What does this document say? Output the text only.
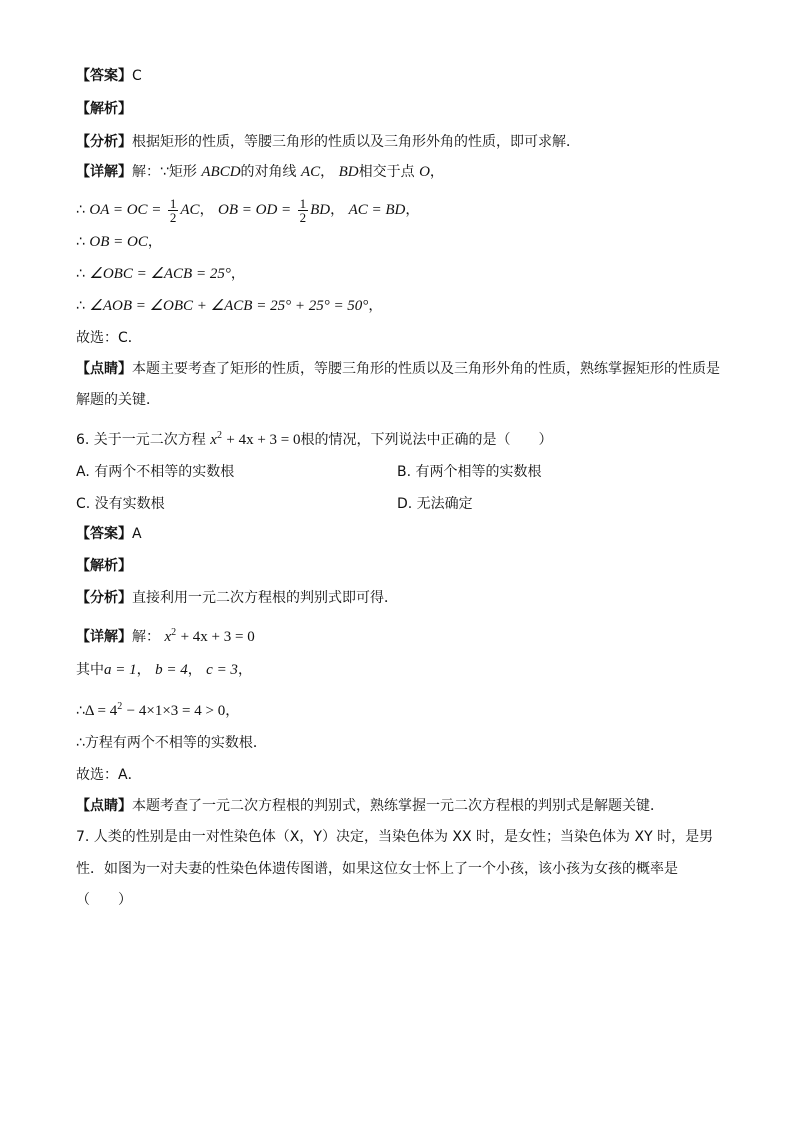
【答案】C
【解析】
【分析】根据矩形的性质，等腰三角形的性质以及三角形外角的性质，即可求解．
【详解】解：∵矩形 ABCD的对角线 AC， BD相交于点 O，
∴ OA = OC = $\frac{1}{2}$ AC， OB = OD = $\frac{1}{2}$ BD， AC = BD，
∴ OB = OC，
∴ ∠OBC = ∠ACB = 25°，
∴ ∠AOB = ∠OBC + ∠ACB = 25° + 25° = 50°，
故选：C．
【点睛】本题主要考查了矩形的性质，等腰三角形的性质以及三角形外角的性质，熟练掌握矩形的性质是
解题的关键．
6. 关于一元二次方程 $x^2 + 4x + 3 = 0$根的情况，下列说法中正确的是（　　）
A. 有两个不相等的实数根	B. 有两个相等的实数根
C. 没有实数根	D. 无法确定
【答案】A
【解析】
【分析】直接利用一元二次方程根的判别式即可得．
【详解】解： $x^2 + 4x + 3 = 0$
其中a = 1， b = 4， c = 3，
∴Δ = $4^2 - 4\times 1\times 3 = 4 > 0$，
∴方程有两个不相等的实数根．
故选：A．
【点睛】本题考查了一元二次方程根的判别式，熟练掌握一元二次方程根的判别式是解题关键．
7. 人类的性别是由一对性染色体（X，Y）决定，当染色体为 XX 时，是女性；当染色体为 XY 时，是男
性．如图为一对夫妻的性染色体遗传图谱，如果这位女士怀上了一个小孩，该小孩为女孩的概率是
（　　）
